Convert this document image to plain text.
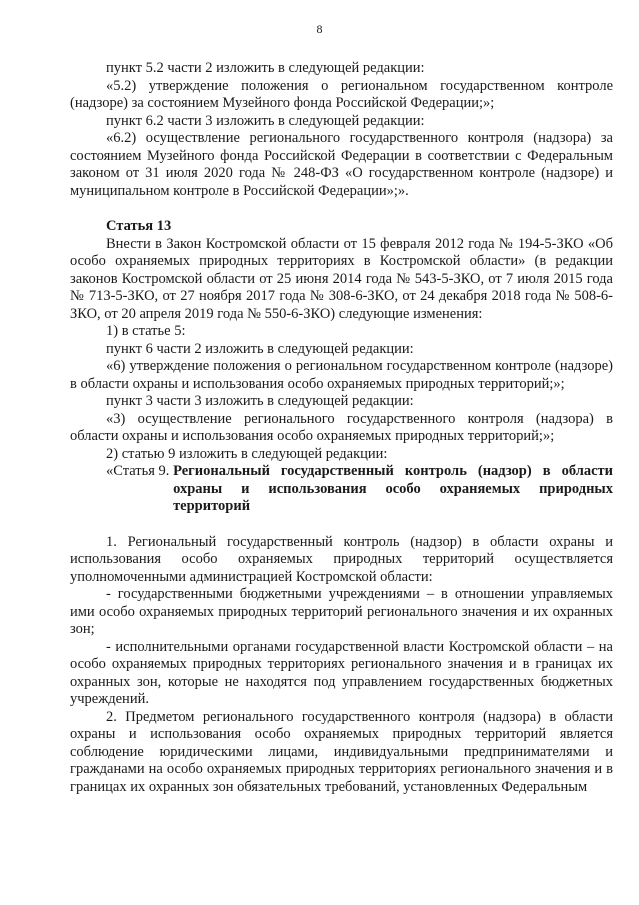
8

пункт 5.2 части 2 изложить в следующей редакции:

«5.2) утверждение положения о региональном государственном контроле (надзоре) за состоянием Музейного фонда Российской Федерации;»;

пункт 6.2 части 3 изложить в следующей редакции:

«6.2) осуществление регионального государственного контроля (надзора) за состоянием Музейного фонда Российской Федерации в соответствии с Федеральным законом от 31 июля 2020 года № 248-ФЗ «О государственном контроле (надзоре) и муниципальном контроле в Российской Федерации»;».

Статья 13

Внести в Закон Костромской области от 15 февраля 2012 года № 194-5-ЗКО «Об особо охраняемых природных территориях в Костромской области» (в редакции законов Костромской области от 25 июня 2014 года № 543-5-ЗКО, от 7 июля 2015 года № 713-5-ЗКО, от 27 ноября 2017 года № 308-6-ЗКО, от 24 декабря 2018 года № 508-6-ЗКО, от 20 апреля 2019 года № 550-6-ЗКО) следующие изменения:

1) в статье 5:

пункт 6 части 2 изложить в следующей редакции:

«6) утверждение положения о региональном государственном контроле (надзоре) в области охраны и использования особо охраняемых природных территорий;»;

пункт 3 части 3 изложить в следующей редакции:

«3) осуществление регионального государственного контроля (надзора) в области охраны и использования особо охраняемых природных территорий;»;

2) статью 9 изложить в следующей редакции:

«Статья 9. Региональный государственный контроль (надзор) в области охраны и использования особо охраняемых природных территорий

1. Региональный государственный контроль (надзор) в области охраны и использования особо охраняемых природных территорий осуществляется уполномоченными администрацией Костромской области:

- государственными бюджетными учреждениями – в отношении управляемых ими особо охраняемых природных территорий регионального значения и их охранных зон;

- исполнительными органами государственной власти Костромской области – на особо охраняемых природных территориях регионального значения и в границах их охранных зон, которые не находятся под управлением государственных бюджетных учреждений.

2. Предметом регионального государственного контроля (надзора) в области охраны и использования особо охраняемых природных территорий является соблюдение юридическими лицами, индивидуальными предпринимателями и гражданами на особо охраняемых природных территориях регионального значения и в границах их охранных зон обязательных требований, установленных Федеральным
